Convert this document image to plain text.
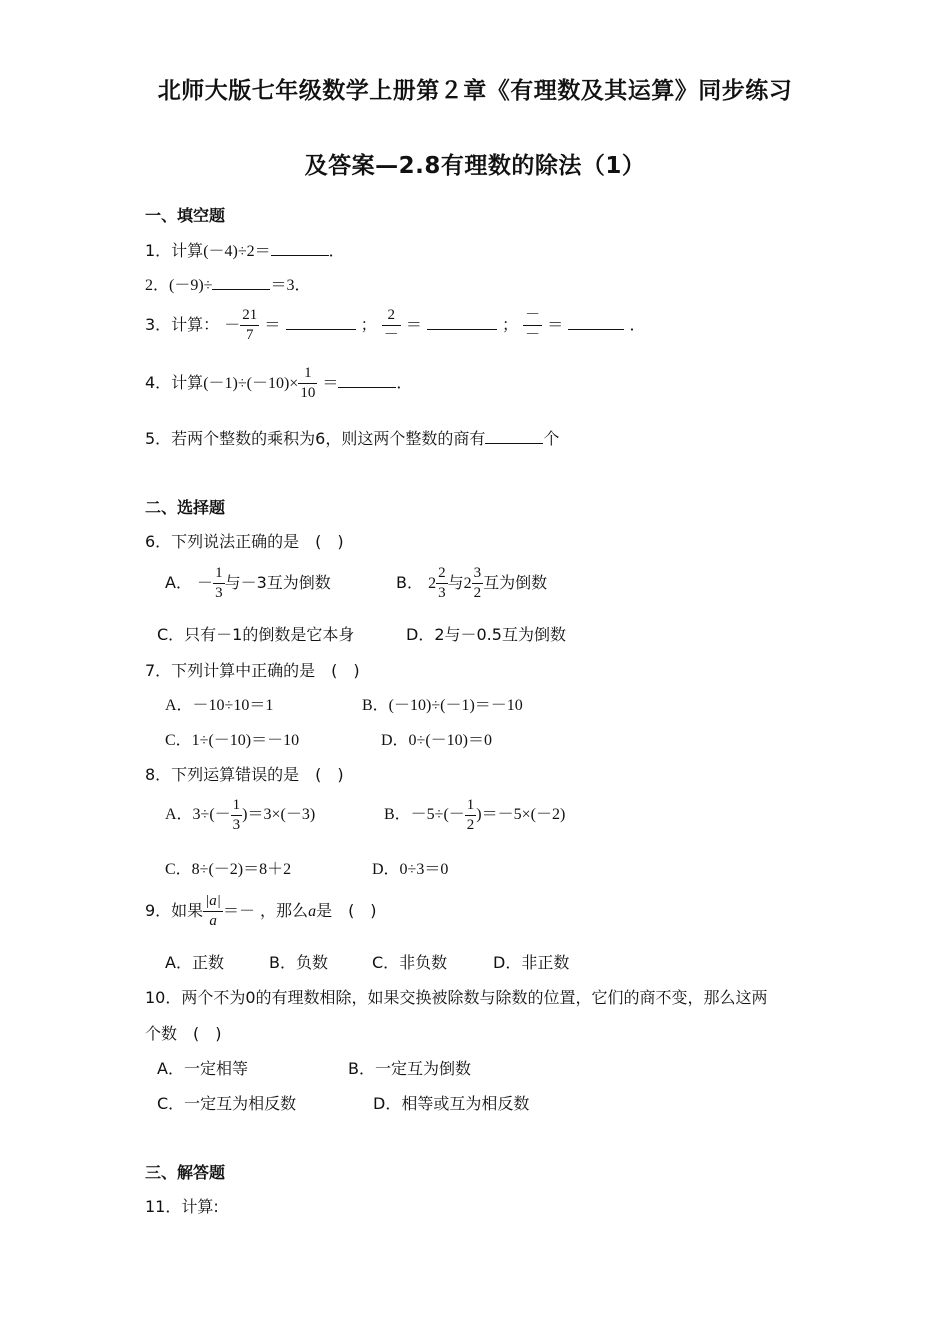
北师大版七年级数学上册第２章《有理数及其运算》同步练习
及答案—2.8有理数的除法（1）
一、填空题
1．计算(－4)÷2＝	．
2．(－9)÷	＝3．
3．计算： － $\frac{21}{7}$ ＝	； $\frac{2}{-}$ ＝	； $\frac{-}{-}$ ＝	．
4．计算$(-1)\div(-10)\times \frac{1}{10}$ ＝	．
5．若两个整数的乘积为6，则这两个整数的商有	个
二、选择题
6．下列说法正确的是　(　)
A． － $\frac{1}{3}$ 与－3互为倒数	B． $2 \frac{2}{3}$ 与$2 \frac{3}{2}$ 互为倒数
C．只有－1的倒数是它本身	D．2与－0.5互为倒数
7．下列计算中正确的是　(　)
A．－10÷10＝1	B．(－10)÷(－1)＝－10
C．1÷(－10)＝－10	D．0÷(－10)＝0
8．下列运算错误的是　(　)
A．$3\div(- \frac{1}{3} )=3\times(-3)$	B．$-5\div(- \frac{1}{2} )=-5\times(-2)$
C．8÷(－2)＝8＋2	D．0÷3＝0
9．如果 $\frac{|a|}{a}$ ＝－ ，那么a是　(　)
A．正数	B．负数	C．非负数	D．非正数
10．两个不为0的有理数相除，如果交换被除数与除数的位置，它们的商不变，那么这两
个数　(　)
A．一定相等	B．一定互为倒数
C．一定互为相反数	D．相等或互为相反数
三、解答题
11．计算:
